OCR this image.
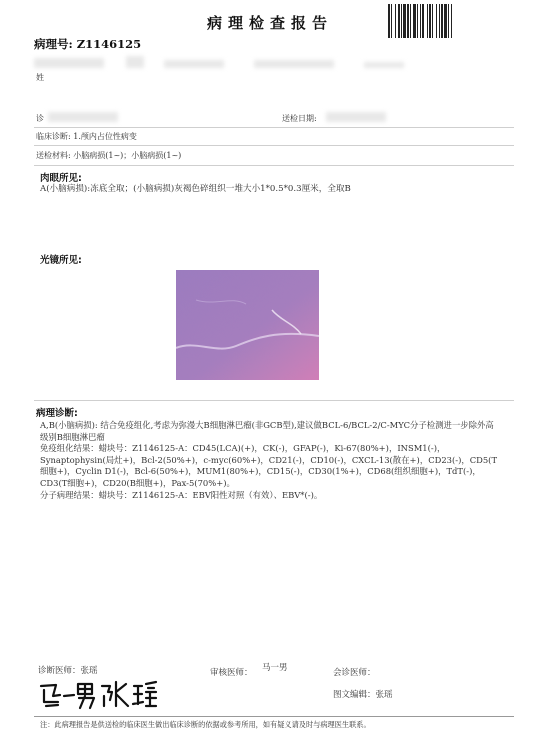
病理检查报告
病理号: Z1146125
姓
诊	送检日期:
临床诊断: 1.颅内占位性病变
送检材料: 小脑病损(1~)；小脑病损(1~)
肉眼所见:
A(小脑病损):冻底全取；(小脑病损)灰褐色碎组织一堆大小1*0.5*0.3厘米，全取B
光镜所见:
病理诊断:

A,B(小脑病损): 结合免疫组化,考虑为弥漫大B细胞淋巴瘤(非GCB型),建议做BCL-6/BCL-2/C-MYC分子检测进一步除外高级别B细胞淋巴瘤

免疫组化结果：蜡块号：Z1146125-A：CD45(LCA)(+)，CK(-)，GFAP(-)，Ki-67(80%+)，INSM1(-)，Synaptophysin(局灶+)，Bcl-2(50%+)，c-myc(60%+)，CD21(-)，CD10(-)，CXCL-13(散在+)，CD23(-)，CD5(T细胞+)，Cyclin D1(-)，Bcl-6(50%+)，MUM1(80%+)，CD15(-)，CD30(1%+)，CD68(组织细胞+)，TdT(-)，CD3(T细胞+)，CD20(B细胞+)，Pax-5(70%+)。

分子病理结果：蜡块号：Z1146125-A：EBV阳性对照（有效）、EBV*(-)。

诊断医师：张瑶	审核医师： 马一男	会诊医师：
图文编辑：张瑶
注：此病理报告是供送检的临床医生做出临床诊断的依据或参考所用，如有疑义请及时与病理医生联系。
